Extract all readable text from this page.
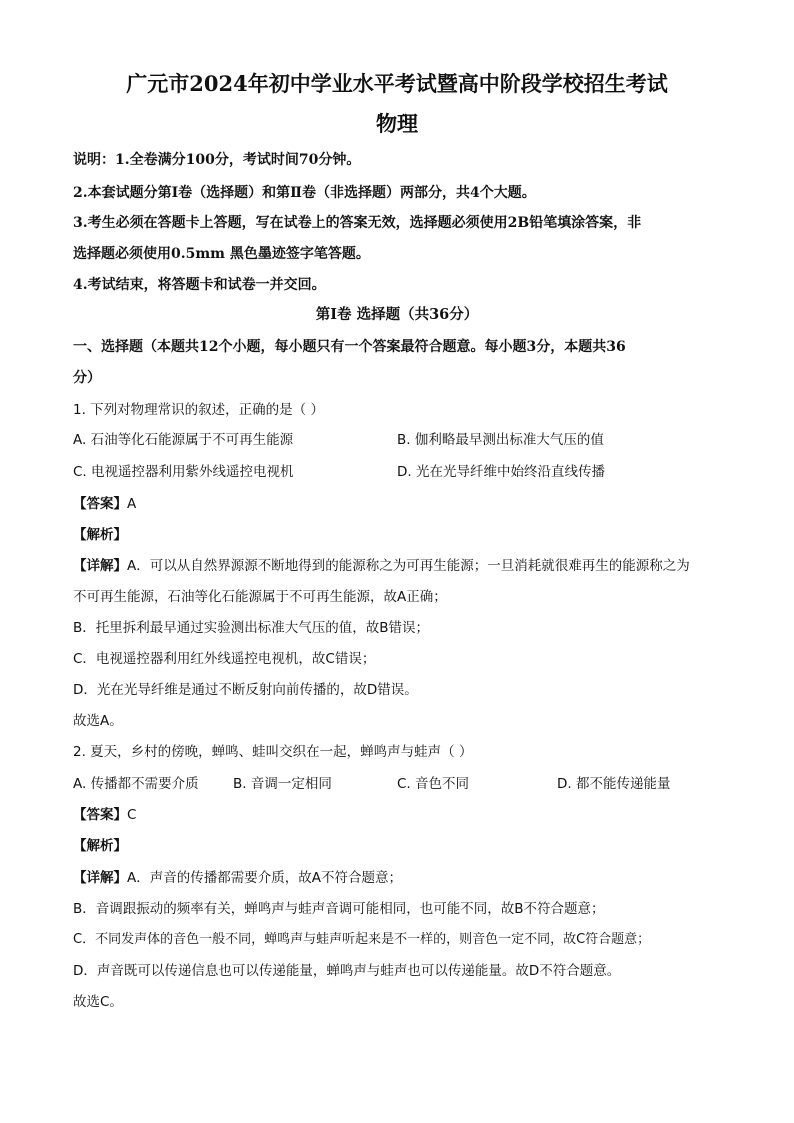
广元市2024年初中学业水平考试暨高中阶段学校招生考试
物理
说明：1.全卷满分100分，考试时间70分钟。
2.本套试题分第Ⅰ卷（选择题）和第Ⅱ卷（非选择题）两部分，共4个大题。
3.考生必须在答题卡上答题，写在试卷上的答案无效，选择题必须使用2B铅笔填涂答案，非
选择题必须使用0.5mm 黑色墨迹签字笔答题。
4.考试结束，将答题卡和试卷一并交回。
第Ⅰ卷 选择题（共36分）
一、选择题（本题共12个小题，每小题只有一个答案最符合题意。每小题3分，本题共36
分）
1. 下列对物理常识的叙述，正确的是（ ）
A. 石油等化石能源属于不可再生能源	B. 伽利略最早测出标准大气压的值
C. 电视遥控器利用紫外线遥控电视机	D. 光在光导纤维中始终沿直线传播
【答案】A
【解析】
【详解】A．可以从自然界源源不断地得到的能源称之为可再生能源；一旦消耗就很难再生的能源称之为
不可再生能源，石油等化石能源属于不可再生能源，故A正确；
B．托里拆利最早通过实验测出标准大气压的值，故B错误；
C．电视遥控器利用红外线遥控电视机，故C错误；
D．光在光导纤维是通过不断反射向前传播的，故D错误。
故选A。
2. 夏天，乡村的傍晚，蝉鸣、蛙叫交织在一起，蝉鸣声与蛙声（ ）
A. 传播都不需要介质	B. 音调一定相同	C. 音色不同	D. 都不能传递能量
【答案】C
【解析】
【详解】A．声音的传播都需要介质，故A不符合题意；
B．音调跟振动的频率有关，蝉鸣声与蛙声音调可能相同，也可能不同，故B不符合题意；
C．不同发声体的音色一般不同，蝉鸣声与蛙声听起来是不一样的，则音色一定不同，故C符合题意；
D．声音既可以传递信息也可以传递能量，蝉鸣声与蛙声也可以传递能量。故D不符合题意。
故选C。
